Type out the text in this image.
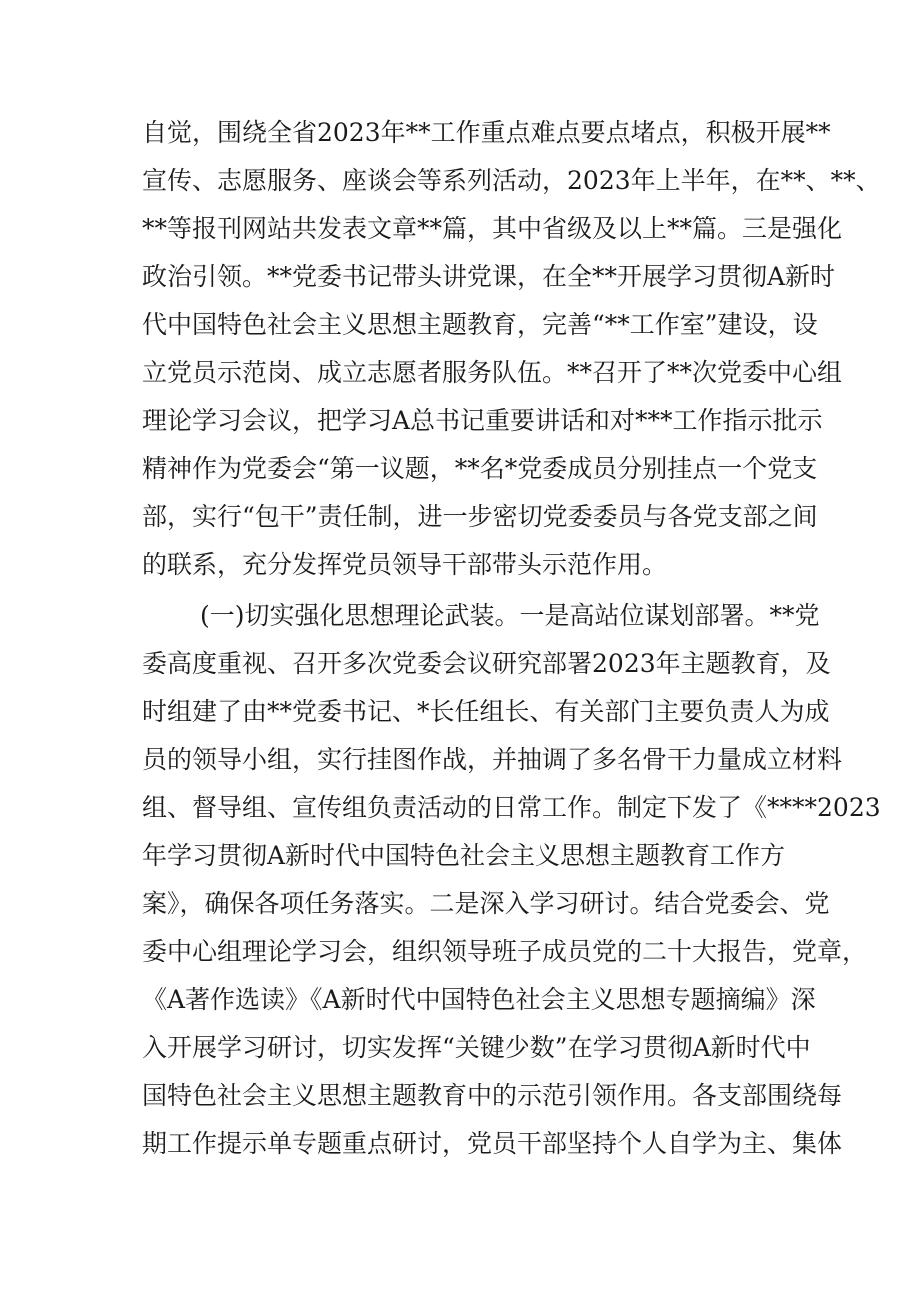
自觉，围绕全省2023年**工作重点难点要点堵点，积极开展**
宣传、志愿服务、座谈会等系列活动，2023年上半年，在**、**、
**等报刊网站共发表文章**篇，其中省级及以上**篇。三是强化
政治引领。**党委书记带头讲党课，在全**开展学习贯彻A新时
代中国特色社会主义思想主题教育，完善“**工作室”建设，设
立党员示范岗、成立志愿者服务队伍。**召开了**次党委中心组
理论学习会议，把学习A总书记重要讲话和对***工作指示批示
精神作为党委会“第一议题，**名*党委成员分别挂点一个党支
部，实行“包干”责任制，进一步密切党委委员与各党支部之间
的联系，充分发挥党员领导干部带头示范作用。
(一)切实强化思想理论武装。一是高站位谋划部署。**党
委高度重视、召开多次党委会议研究部署2023年主题教育，及
时组建了由**党委书记、*长任组长、有关部门主要负责人为成
员的领导小组，实行挂图作战，并抽调了多名骨干力量成立材料
组、督导组、宣传组负责活动的日常工作。制定下发了《****2023
年学习贯彻A新时代中国特色社会主义思想主题教育工作方
案》，确保各项任务落实。二是深入学习研讨。结合党委会、党
委中心组理论学习会，组织领导班子成员党的二十大报告，党章，
《A著作选读》《A新时代中国特色社会主义思想专题摘编》深
入开展学习研讨，切实发挥“关键少数”在学习贯彻A新时代中
国特色社会主义思想主题教育中的示范引领作用。各支部围绕每
期工作提示单专题重点研讨，党员干部坚持个人自学为主、集体
